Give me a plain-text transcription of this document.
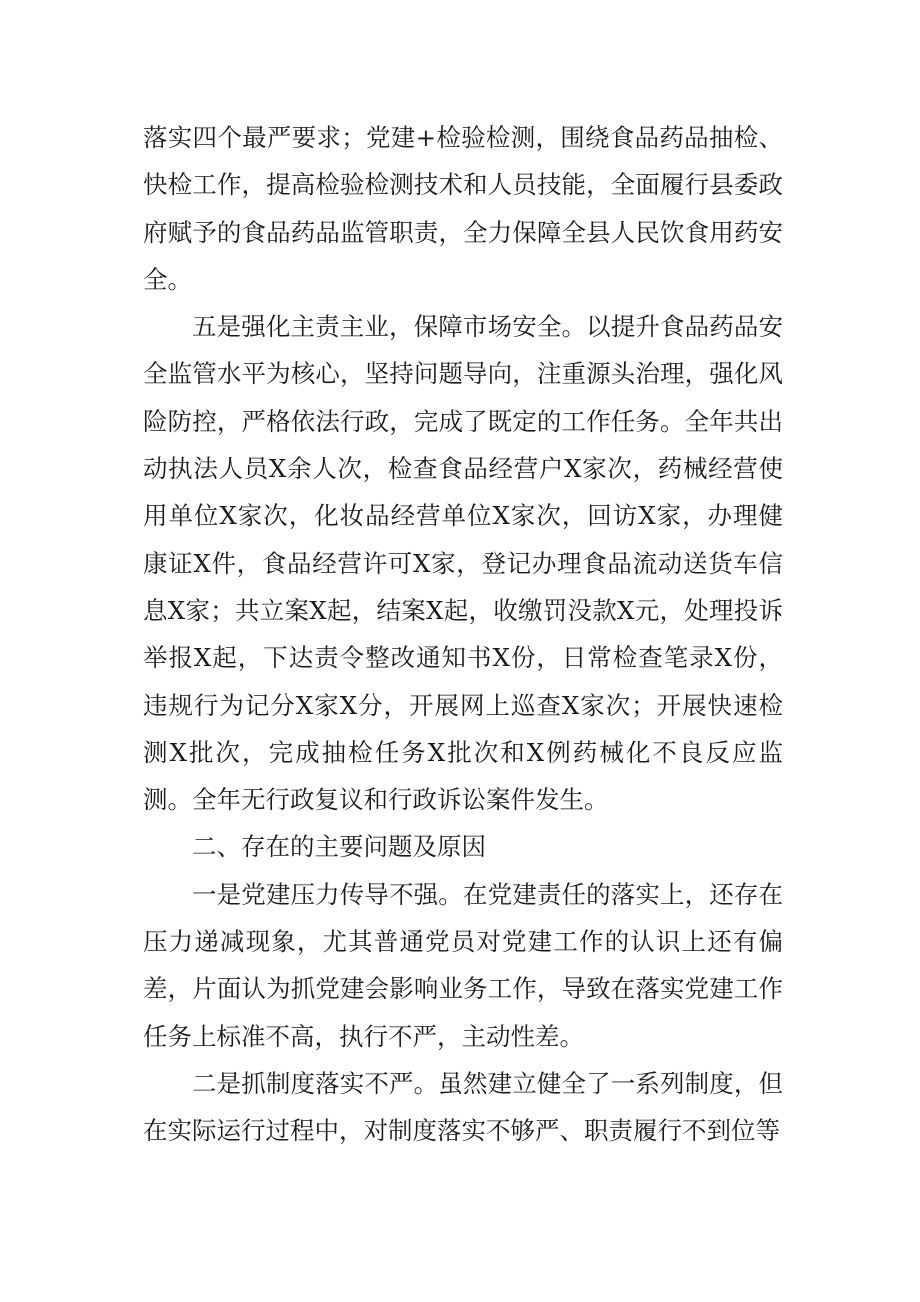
落实四个最严要求；党建+检验检测，围绕食品药品抽检、快检工作，提高检验检测技术和人员技能，全面履行县委政府赋予的食品药品监管职责，全力保障全县人民饮食用药安全。

五是强化主责主业，保障市场安全。以提升食品药品安全监管水平为核心，坚持问题导向，注重源头治理，强化风险防控，严格依法行政，完成了既定的工作任务。全年共出动执法人员X余人次，检查食品经营户X家次，药械经营使用单位X家次，化妆品经营单位X家次，回访X家，办理健康证X件，食品经营许可X家，登记办理食品流动送货车信息X家；共立案X起，结案X起，收缴罚没款X元，处理投诉举报X起，下达责令整改通知书X份，日常检查笔录X份，违规行为记分X家X分，开展网上巡查X家次；开展快速检测X批次，完成抽检任务X批次和X例药械化不良反应监测。全年无行政复议和行政诉讼案件发生。

二、存在的主要问题及原因

一是党建压力传导不强。在党建责任的落实上，还存在压力递减现象，尤其普通党员对党建工作的认识上还有偏差，片面认为抓党建会影响业务工作，导致在落实党建工作任务上标准不高，执行不严，主动性差。

二是抓制度落实不严。虽然建立健全了一系列制度，但在实际运行过程中，对制度落实不够严、职责履行不到位等
